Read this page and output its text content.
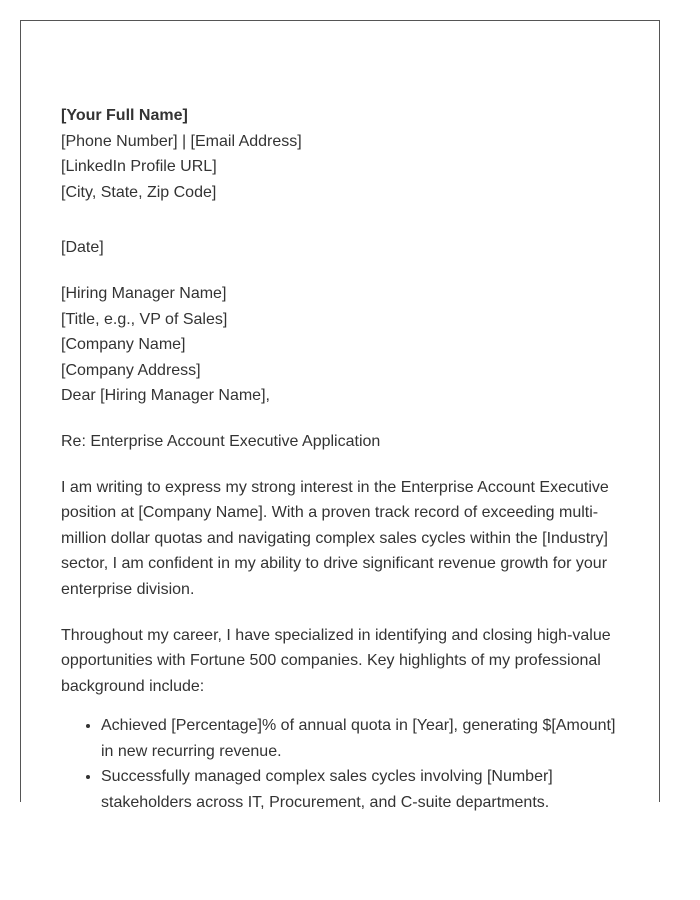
[Your Full Name]
[Phone Number] | [Email Address]
[LinkedIn Profile URL]
[City, State, Zip Code]
[Date]
[Hiring Manager Name]
[Title, e.g., VP of Sales]
[Company Name]
[Company Address]
Dear [Hiring Manager Name],

Re: Enterprise Account Executive Application

I am writing to express my strong interest in the Enterprise Account Executive position at [Company Name]. With a proven track record of exceeding multi-million dollar quotas and navigating complex sales cycles within the [Industry] sector, I am confident in my ability to drive significant revenue growth for your enterprise division.

Throughout my career, I have specialized in identifying and closing high-value opportunities with Fortune 500 companies. Key highlights of my professional background include:

• Achieved [Percentage]% of annual quota in [Year], generating $[Amount] in new recurring revenue.
• Successfully managed complex sales cycles involving [Number] stakeholders across IT, Procurement, and C-suite departments.
